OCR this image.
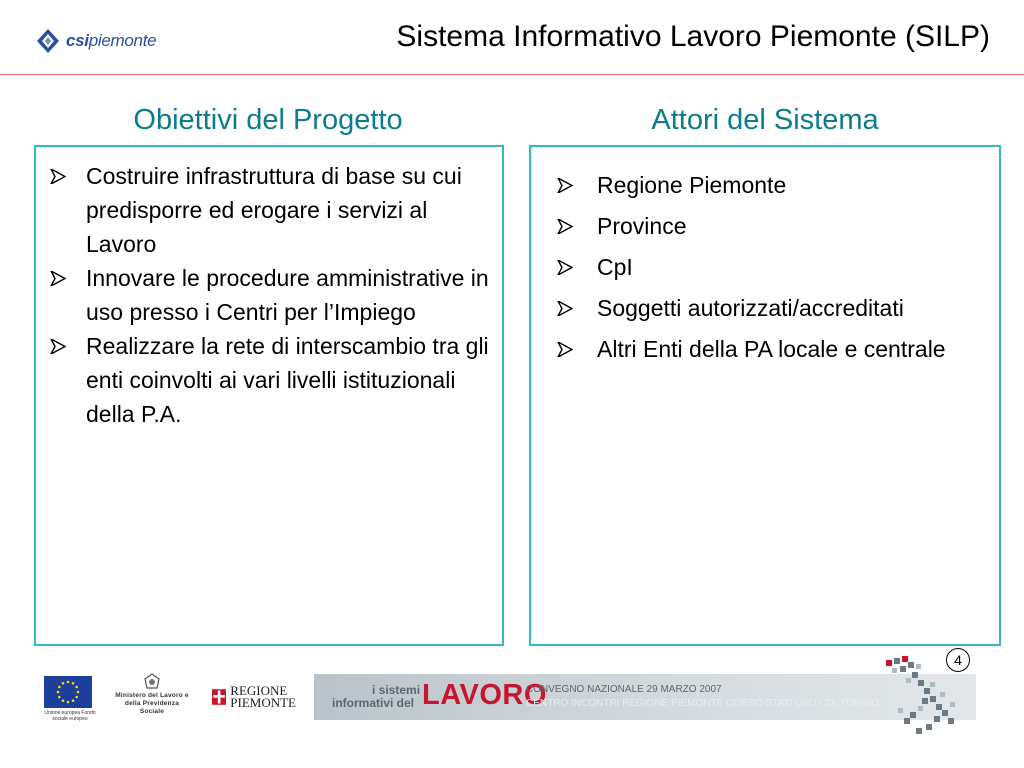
csipiemonte	Sistema Informativo Lavoro Piemonte (SILP)
Obiettivi del Progetto	Attori del Sistema
Costruire infrastruttura di base su cui predisporre ed erogare i servizi al Lavoro
Innovare le procedure amministrative in uso presso i Centri per l’Impiego
Realizzare la rete di interscambio tra gli enti coinvolti ai vari livelli istituzionali della P.A.
Regione Piemonte
Province
CpI
Soggetti autorizzati/accreditati
Altri Enti della PA locale e centrale
4
Unione europea Fondo sociale europeo
Ministero del Lavoro e della Previdenza Sociale
REGIONE
PIEMONTE
i sistemi
informativi del LAVORO
CONVEGNO NAZIONALE 29 MARZO 2007
CENTRO INCONTRI REGIONE PIEMONTE CORSO STATI UNITI 23, TORINO
